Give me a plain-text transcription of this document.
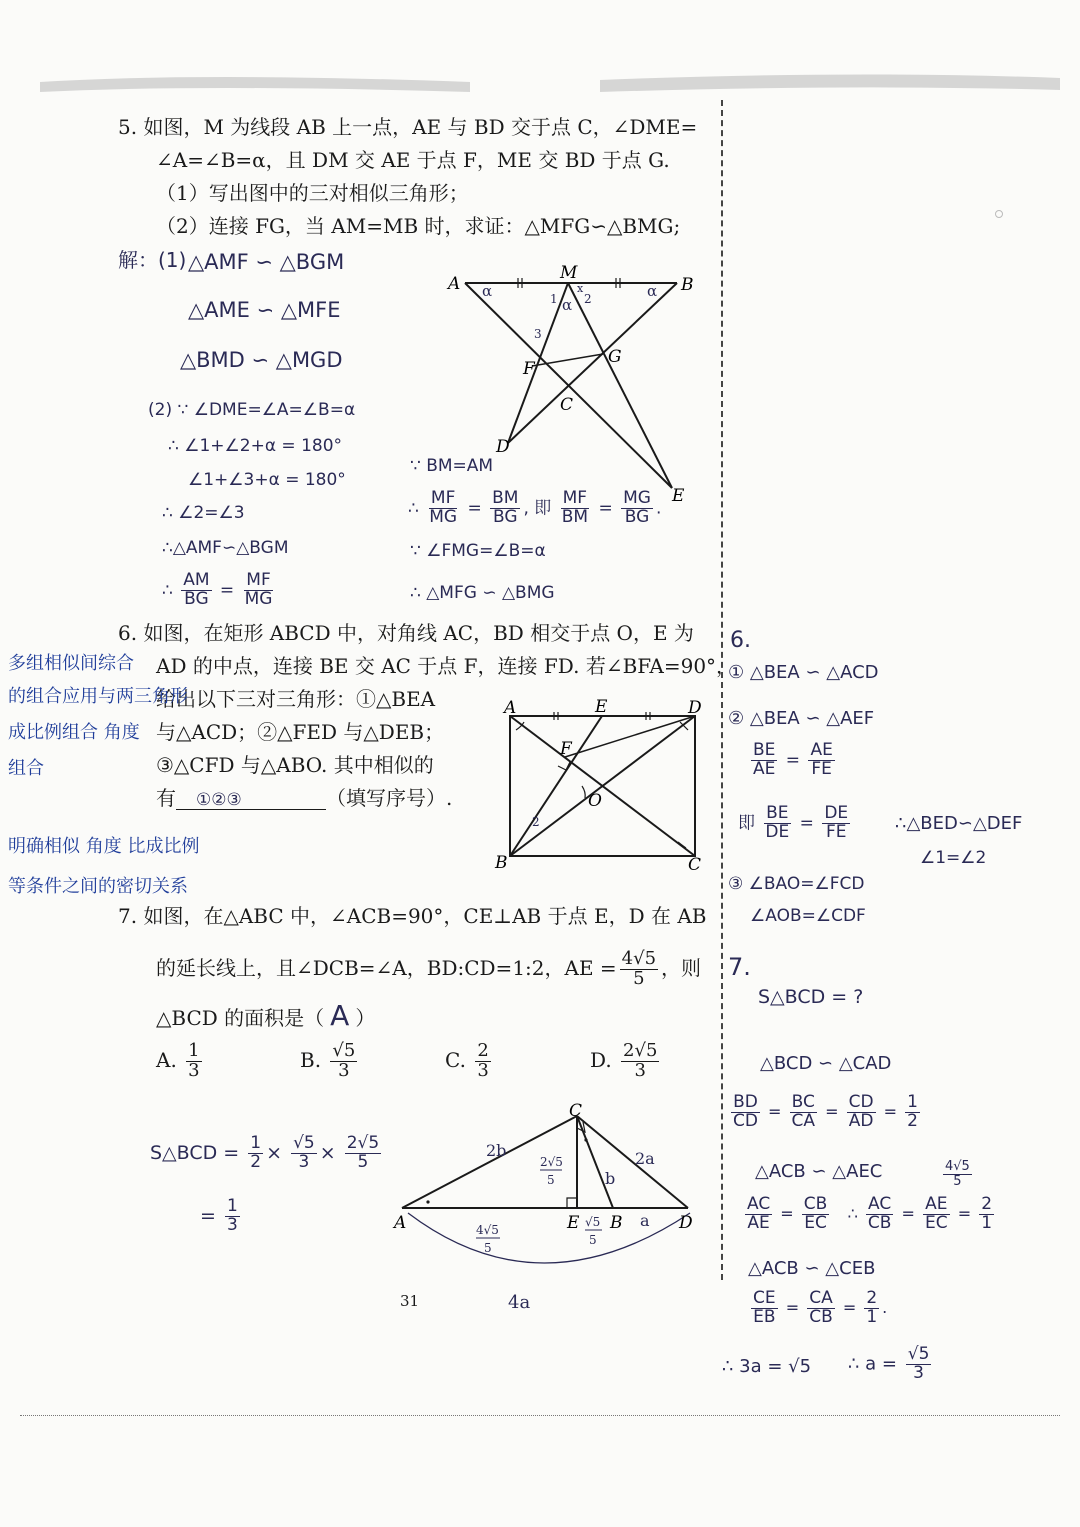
5. 如图，M 为线段 AB 上一点，AE 与 BD 交于点 C，∠DME=
∠A=∠B=α，且 DM 交 AE 于点 F，ME 交 BD 于点 G.
（1）写出图中的三对相似三角形；
（2）连接 FG，当 AM=MB 时，求证：△MFG∽△BMG;
解：(1) △AMF ∽ △BGM
△AME ∽ △MFE
△BMD ∽ △MGD
(2) ∵ ∠DME=∠A=∠B=α
∴ ∠1+∠2+α = 180°
∠1+∠3+α = 180°
∴ ∠2=∠3
∴△AMF∽△BGM
∴ $\frac{AM}{BG} = \frac{MF}{MG}$
∵ BM=AM
∴ $\frac{MF}{MG} = \frac{BM}{BG}$ , 即 $\frac{MF}{BM} = \frac{MG}{BG}$ .
∵ ∠FMG=∠B=α
∴ △MFG ∽ △BMG
A
M
B
F
G
C
D
E
α	α
α
1 2
x
3
6. 如图，在矩形 ABCD 中，对角线 AC，BD 相交于点 O，E 为
AD 的中点，连接 BE 交 AC 于点 F，连接 FD. 若∠BFA=90°，
给出以下三对三角形：①△BEA
与△ACD；②△FED 与△DEB；
③△CFD 与△ABO. 其中相似的
有 ①②③	（填写序号）.
多组相似间综合
的组合应用与两三角形
成比例组合 角度
组合
明确相似 角度 比成比例
等条件之间的密切关系
A	E	D
F
O
B	C
2
6.
① △BEA ∽ △ACD
② △BEA ∽ △AEF
$\frac{BE}{AE} = \frac{AE}{FE}$
即 $\frac{BE}{DE} = \frac{DE}{FE}$ ∴△BED∽△DEF
∠1=∠2
③ ∠BAO=∠FCD
∠AOB=∠CDF
7. 如图，在△ABC 中，∠ACB=90°，CE⊥AB 于点 E，D 在 AB
的延长线上，且∠DCB=∠A，BD:CD=1:2，AE = $\frac{4√5}{5}$ ，则
△BCD 的面积是（ A ）
A. $\frac{1}{3}$	B. $\frac{√5}{3}$	C. $\frac{2}{3}$	D. $\frac{2√5}{3}$
S△BCD = $\frac{1}{2} \times \frac{√5}{3} \times \frac{2√5}{5}$
= $\frac{1}{3}$	A
C
E B	D
2b	2a
b
a
2√5
5
4√5
5
√5
5
4a
31
7.
S△BCD = ?
△BCD ∽ △CAD
$\frac{BD}{CD} = \frac{BC}{CA} = \frac{CD}{AD} = \frac{1}{2}$
△ACB ∽ △AEC	$\frac{4√5}{5}$
$\frac{AC}{AE} = \frac{CB}{EC}$ ∴ $\frac{AC}{CB} = \frac{AE}{EC} = \frac{2}{1}$
△ACB ∽ △CEB
$\frac{CE}{EB} = \frac{CA}{CB} = \frac{2}{1}$ .
∴ 3a = √5 ∴ $a = \frac{√5}{3}$
